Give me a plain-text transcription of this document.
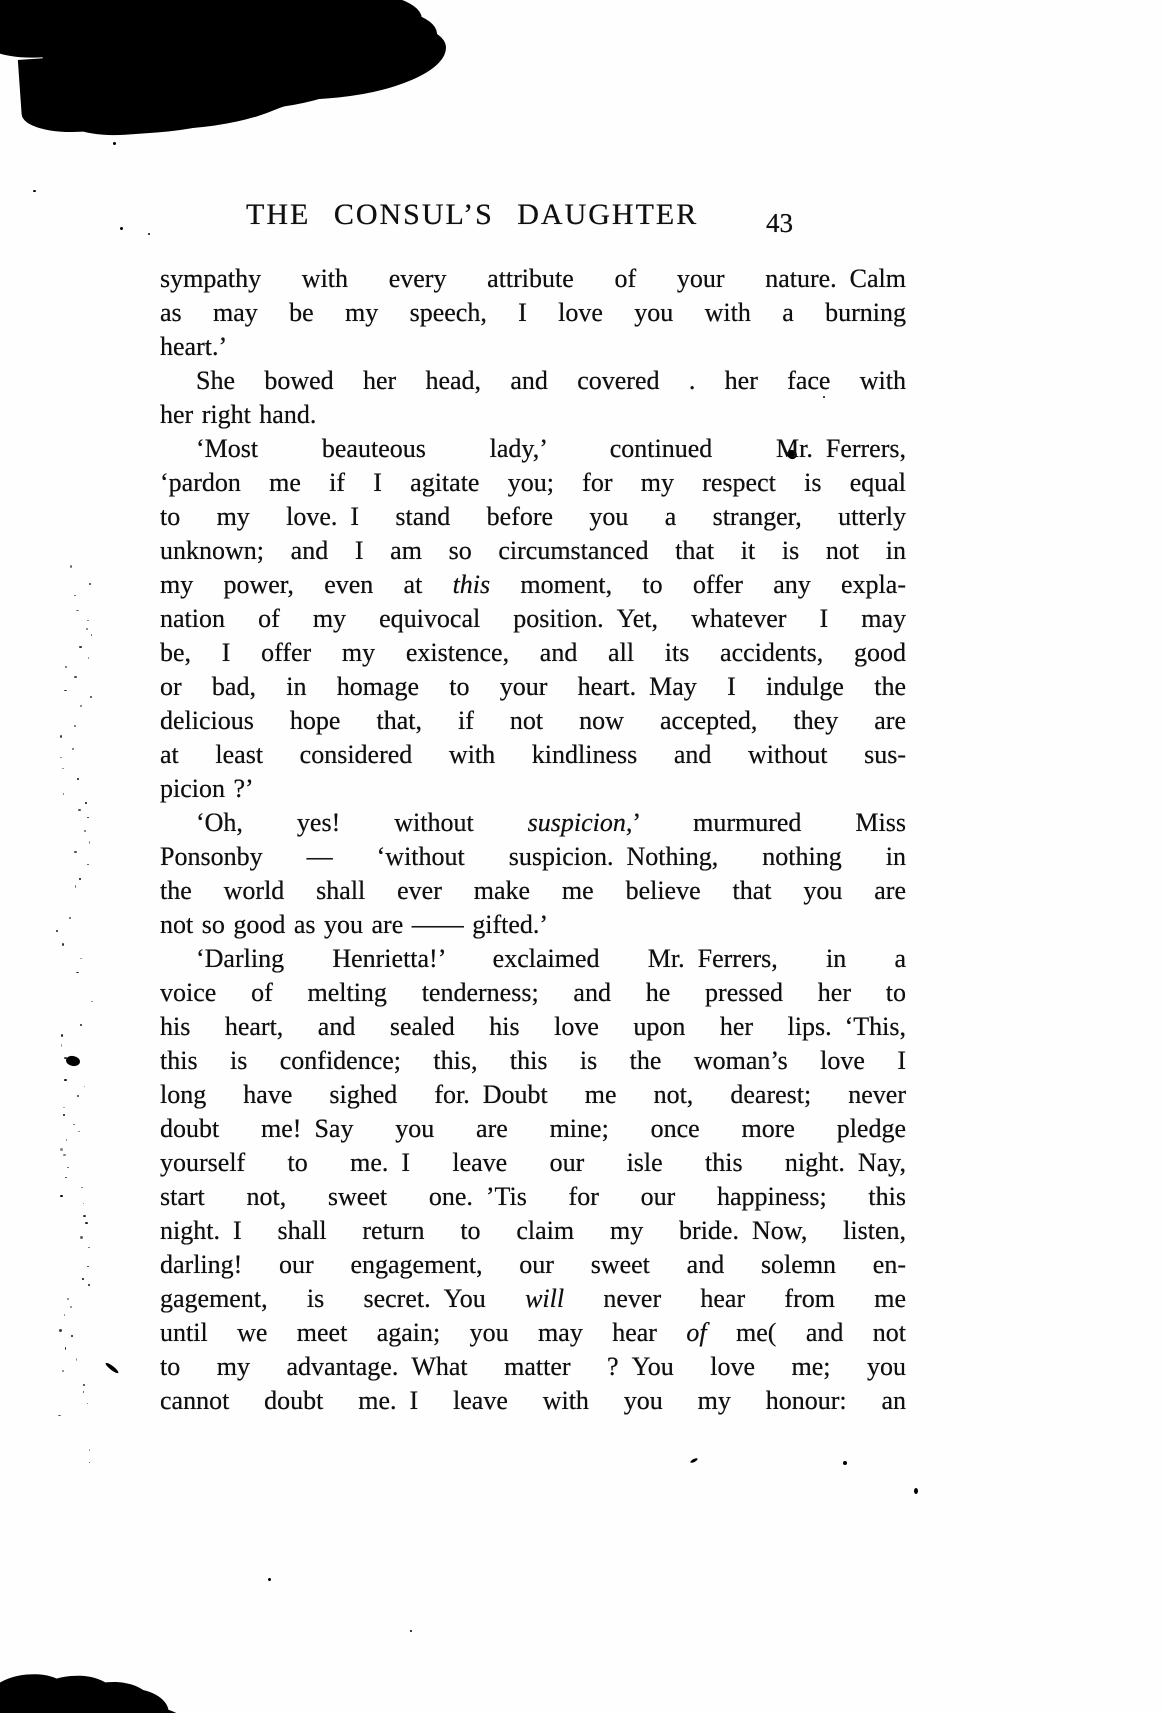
THE CONSUL’S DAUGHTER	43
sympathy with every attribute of your nature. Calm
as may be my speech, I love you with a burning
heart.’
She bowed her head, and covered . her face with
her right hand.
‘Most beauteous lady,’ continued Mr. Ferrers,
‘pardon me if I agitate you; for my respect is equal
to my love. I stand before you a stranger, utterly
unknown; and I am so circumstanced that it is not in
my power, even at this moment, to offer any expla-
nation of my equivocal position. Yet, whatever I may
be, I offer my existence, and all its accidents, good
or bad, in homage to your heart. May I indulge the
delicious hope that, if not now accepted, they are
at least considered with kindliness and without sus-
picion ?’
‘Oh, yes! without suspicion,’ murmured Miss
Ponsonby — ‘without suspicion. Nothing, nothing in
the world shall ever make me believe that you are
not so good as you are —— gifted.’
‘Darling Henrietta!’ exclaimed Mr. Ferrers, in a
voice of melting tenderness; and he pressed her to
his heart, and sealed his love upon her lips. ‘This,
this is confidence; this, this is the woman’s love I
long have sighed for. Doubt me not, dearest; never
doubt me! Say you are mine; once more pledge
yourself to me. I leave our isle this night. Nay,
start not, sweet one. ’Tis for our happiness; this
night. I shall return to claim my bride. Now, listen,
darling! our engagement, our sweet and solemn en-
gagement, is secret. You will never hear from me
until we meet again; you may hear of me( and not
to my advantage. What matter ? You love me; you
cannot doubt me. I leave with you my honour: an
